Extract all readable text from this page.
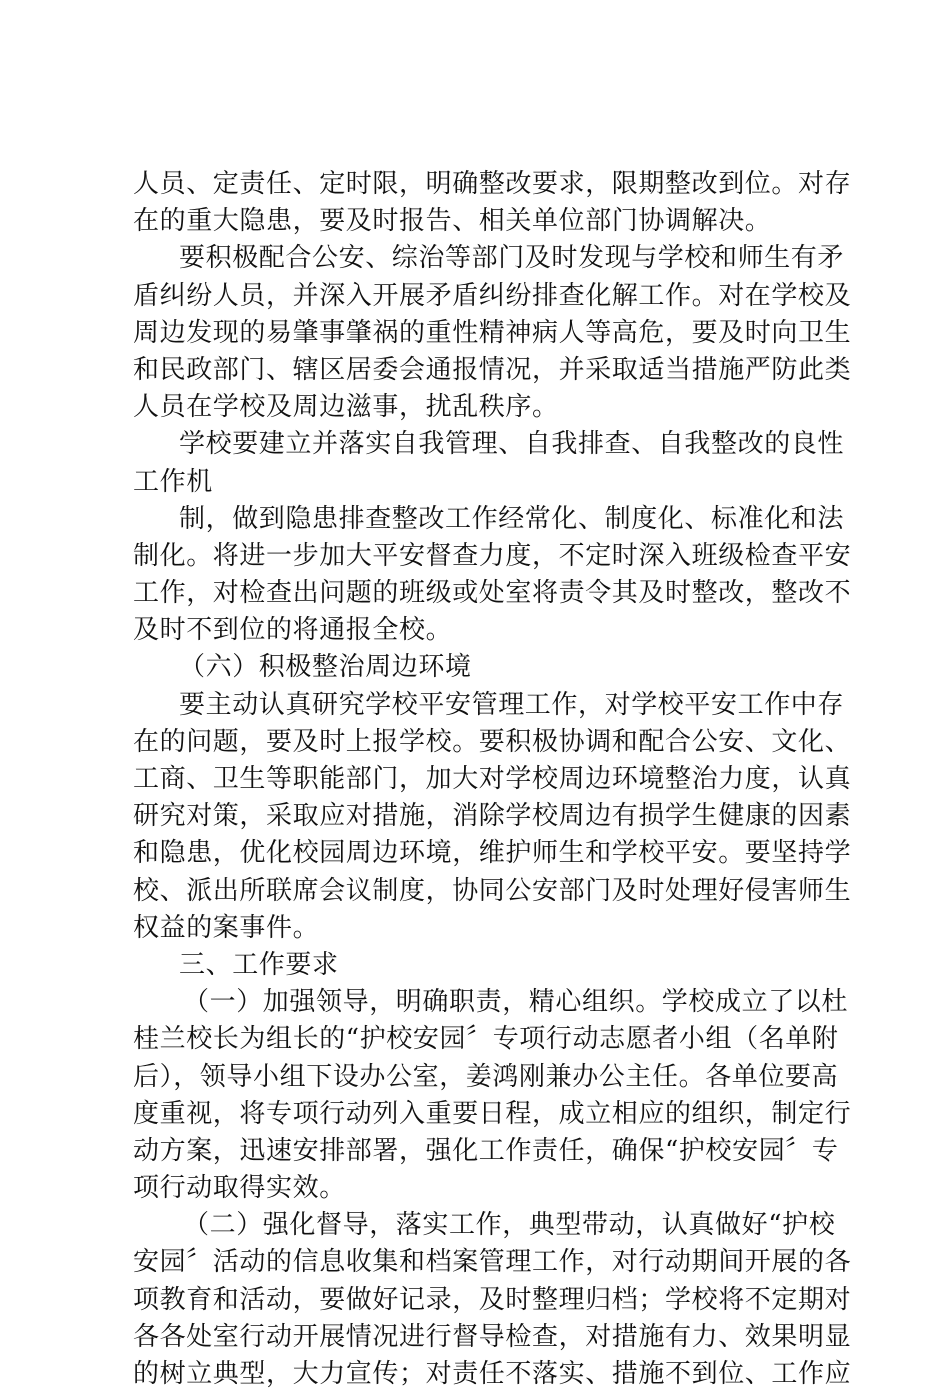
人员、定责任、定时限，明确整改要求，限期整改到位。对存
在的重大隐患，要及时报告、相关单位部门协调解决。
要积极配合公安、综治等部门及时发现与学校和师生有矛
盾纠纷人员，并深入开展矛盾纠纷排查化解工作。对在学校及
周边发现的易肇事肇祸的重性精神病人等高危，要及时向卫生
和民政部门、辖区居委会通报情况，并采取适当措施严防此类
人员在学校及周边滋事，扰乱秩序。
学校要建立并落实自我管理、自我排查、自我整改的良性
工作机
制，做到隐患排查整改工作经常化、制度化、标准化和法
制化。将进一步加大平安督查力度，不定时深入班级检查平安
工作，对检查出问题的班级或处室将责令其及时整改，整改不
及时不到位的将通报全校。
（六）积极整治周边环境
要主动认真研究学校平安管理工作，对学校平安工作中存
在的问题，要及时上报学校。要积极协调和配合公安、文化、
工商、卫生等职能部门，加大对学校周边环境整治力度，认真
研究对策，采取应对措施，消除学校周边有损学生健康的因素
和隐患，优化校园周边环境，维护师生和学校平安。要坚持学
校、派出所联席会议制度，协同公安部门及时处理好侵害师生
权益的案事件。
三、工作要求
（一）加强领导，明确职责，精心组织。学校成立了以杜
桂兰校长为组长的“护校安园〞专项行动志愿者小组（名单附
后），领导小组下设办公室，姜鸿刚兼办公主任。各单位要高
度重视，将专项行动列入重要日程，成立相应的组织，制定行
动方案，迅速安排部署，强化工作责任，确保“护校安园〞专
项行动取得实效。
（二）强化督导，落实工作，典型带动，认真做好“护校
安园〞活动的信息收集和档案管理工作，对行动期间开展的各
项教育和活动，要做好记录，及时整理归档；学校将不定期对
各各处室行动开展情况进行督导检查，对措施有力、效果明显
的树立典型，大力宣传；对责任不落实、措施不到位、工作应
